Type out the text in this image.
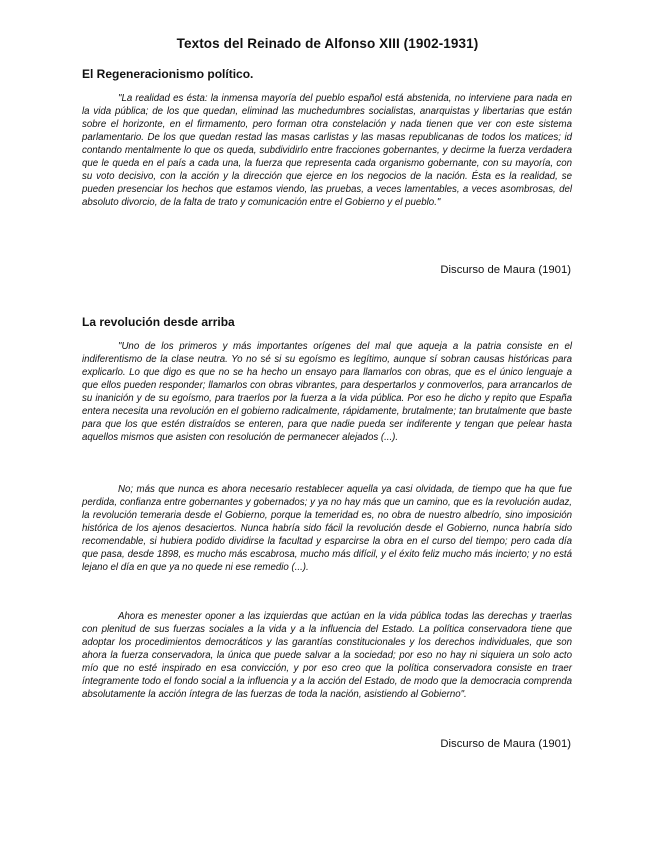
Textos del Reinado de Alfonso XIII (1902-1931)
El Regeneracionismo político.

"La realidad es ésta: la inmensa mayoría del pueblo español está abstenida, no interviene para nada en la vida pública; de los que quedan, eliminad las muchedumbres socialistas, anarquistas y libertarias que están sobre el horizonte, en el firmamento, pero forman otra constelación y nada tienen que ver con este sistema parlamentario. De los que quedan restad las masas carlistas y las masas republicanas de todos los matices; id contando mentalmente lo que os queda, subdividirlo entre fracciones gobernantes, y decirme la fuerza verdadera que le queda en el país a cada una, la fuerza que representa cada organismo gobernante, con su mayoría, con su voto decisivo, con la acción y la dirección que ejerce en los negocios de la nación. Ésta es la realidad, se pueden presenciar los hechos que estamos viendo, las pruebas, a veces lamentables, a veces asombrosas, del absoluto divorcio, de la falta de trato y comunicación entre el Gobierno y el pueblo."

Discurso de Maura (1901)
La revolución desde arriba

"Uno de los primeros y más importantes orígenes del mal que aqueja a la patria consiste en el indiferentismo de la clase neutra. Yo no sé si su egoísmo es legítimo, aunque sí sobran causas históricas para explicarlo. Lo que digo es que no se ha hecho un ensayo para llamarlos con obras, que es el único lenguaje a que ellos pueden responder; llamarlos con obras vibrantes, para despertarlos y conmoverlos, para arrancarlos de su inanición y de su egoísmo, para traerlos por la fuerza a la vida pública. Por eso he dicho y repito que España entera necesita una revolución en el gobierno radicalmente, rápidamente, brutalmente; tan brutalmente que baste para que los que estén distraídos se enteren, para que nadie pueda ser indiferente y tengan que pelear hasta aquellos mismos que asisten con resolución de permanecer alejados (...).

No; más que nunca es ahora necesario restablecer aquella ya casi olvidada, de tiempo que ha que fue perdida, confianza entre gobernantes y gobernados; y ya no hay más que un camino, que es la revolución audaz, la revolución temeraria desde el Gobierno, porque la temeridad es, no obra de nuestro albedrío, sino imposición histórica de los ajenos desaciertos. Nunca habría sido fácil la revolución desde el Gobierno, nunca habría sido recomendable, si hubiera podido dividirse la facultad y esparcirse la obra en el curso del tiempo; pero cada día que pasa, desde 1898, es mucho más escabrosa, mucho más difícil, y el éxito feliz mucho más incierto; y no está lejano el día en que ya no quede ni ese remedio (...).

Ahora es menester oponer a las izquierdas que actúan en la vida pública todas las derechas y traerlas con plenitud de sus fuerzas sociales a la vida y a la influencia del Estado. La política conservadora tiene que adoptar los procedimientos democráticos y las garantías constitucionales y los derechos individuales, que son ahora la fuerza conservadora, la única que puede salvar a la sociedad; por eso no hay ni siquiera un solo acto mío que no esté inspirado en esa convicción, y por eso creo que la política conservadora consiste en traer íntegramente todo el fondo social a la influencia y a la acción del Estado, de modo que la democracia comprenda absolutamente la acción íntegra de las fuerzas de toda la nación, asistiendo al Gobierno".

Discurso de Maura (1901)
